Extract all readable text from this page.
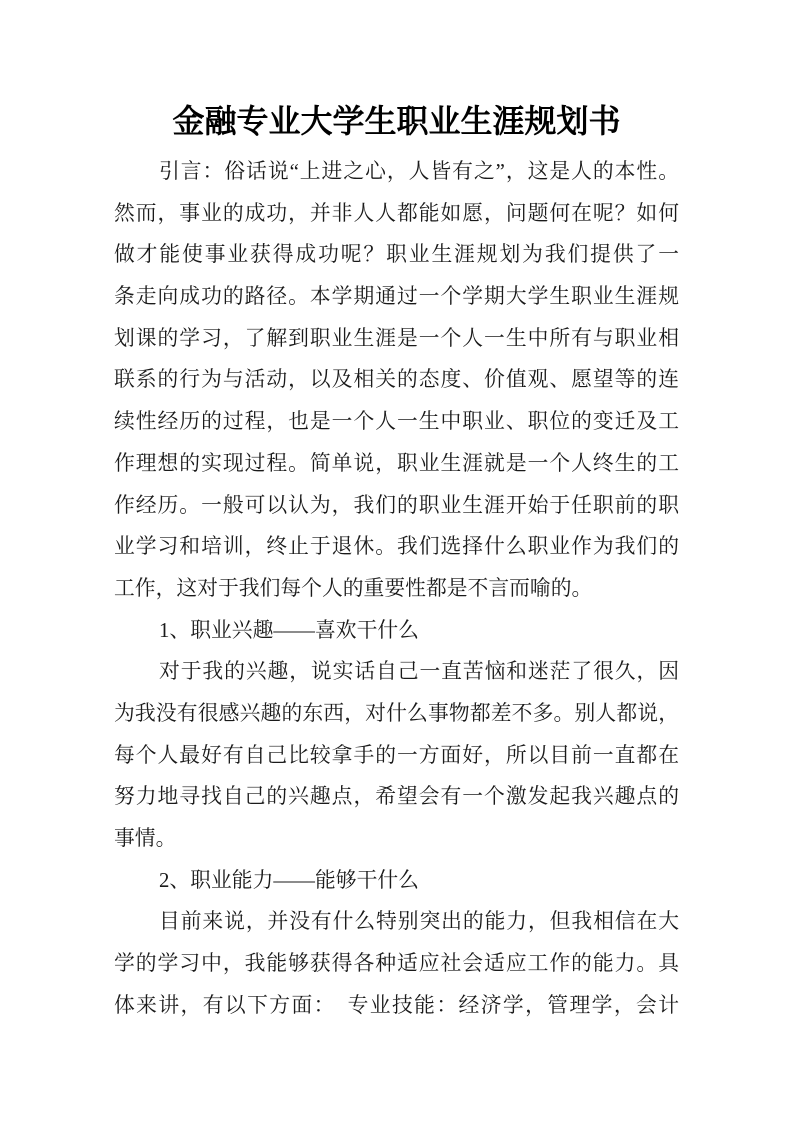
金融专业大学生职业生涯规划书
引言：俗话说“上进之心，人皆有之”，这是人的本性。
然而，事业的成功，并非人人都能如愿，问题何在呢？如何
做才能使事业获得成功呢？职业生涯规划为我们提供了一
条走向成功的路径。本学期通过一个学期大学生职业生涯规
划课的学习，了解到职业生涯是一个人一生中所有与职业相
联系的行为与活动，以及相关的态度、价值观、愿望等的连
续性经历的过程，也是一个人一生中职业、职位的变迁及工
作理想的实现过程。简单说，职业生涯就是一个人终生的工
作经历。一般可以认为，我们的职业生涯开始于任职前的职
业学习和培训，终止于退休。我们选择什么职业作为我们的
工作，这对于我们每个人的重要性都是不言而喻的。
1、职业兴趣——喜欢干什么
对于我的兴趣，说实话自己一直苦恼和迷茫了很久，因
为我没有很感兴趣的东西，对什么事物都差不多。别人都说，
每个人最好有自己比较拿手的一方面好，所以目前一直都在
努力地寻找自己的兴趣点，希望会有一个激发起我兴趣点的
事情。
2、职业能力——能够干什么
目前来说，并没有什么特别突出的能力，但我相信在大
学的学习中，我能够获得各种适应社会适应工作的能力。具
体来讲，有以下方面：　专业技能：经济学，管理学，会计
